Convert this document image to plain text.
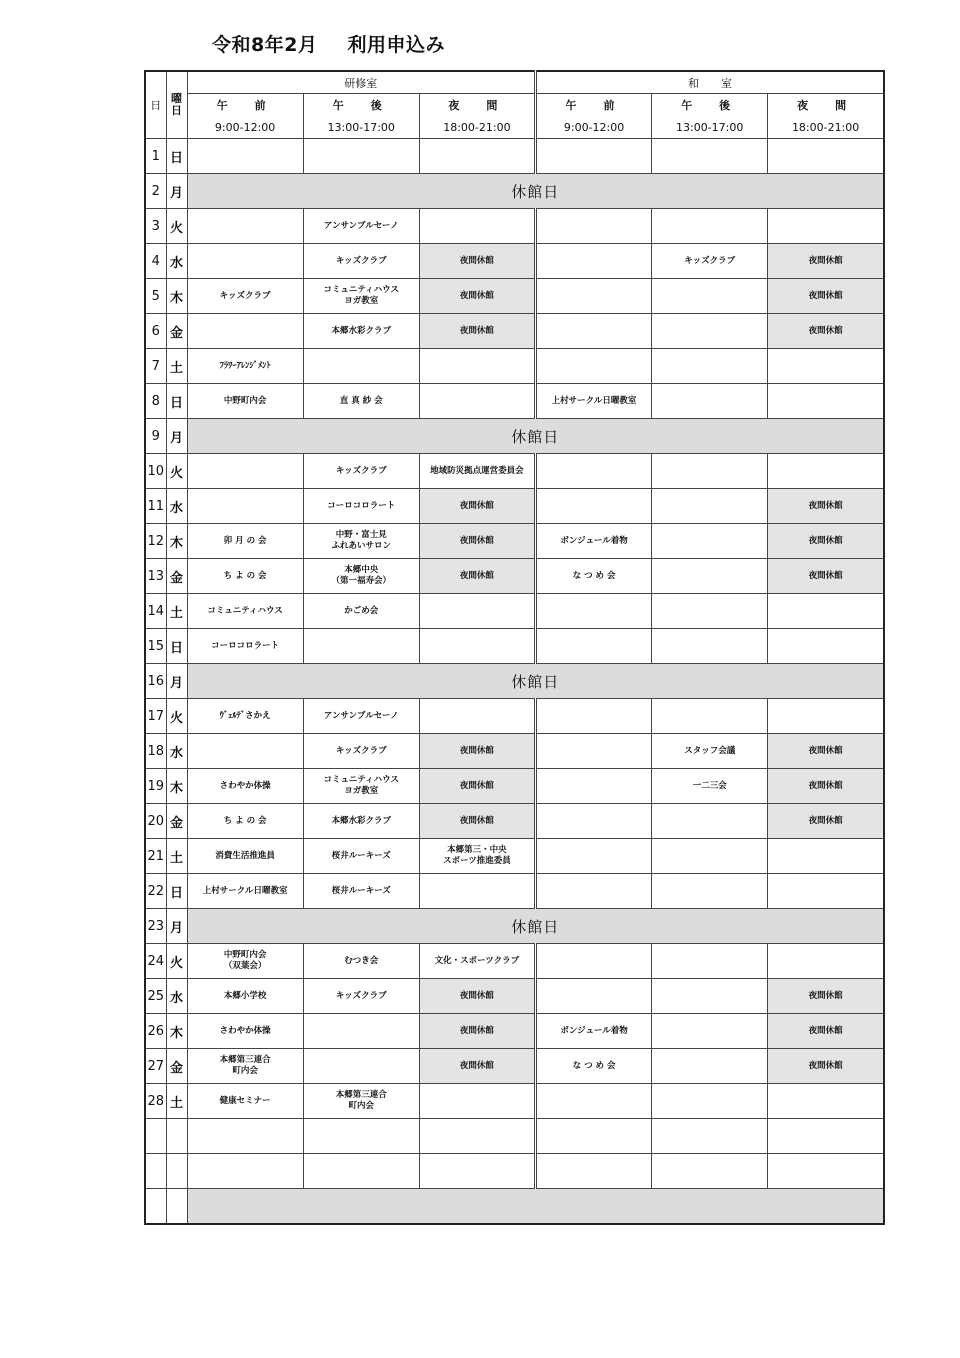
令和8年2月 利用申込み
日	曜日	研修室			和　　室		
		午　前	午　後	夜　間	午　前	午　後	夜　間
		9:00-12:00	13:00-17:00	18:00-21:00	9:00-12:00	13:00-17:00	18:00-21:00
1	日						
2	月	休館日					
3	火		アンサンブルセーノ				
4	水		キッズクラブ	夜間休館		キッズクラブ	夜間休館
5	木	キッズクラブ	コミュニティハウス
ヨガ教室	夜間休館			夜間休館
6	金		本郷水彩クラブ	夜間休館			夜間休館
7	土	ﾌﾗﾜｰｱﾚﾝｼﾞﾒﾝﾄ					
8	日	中野町内会	直 真 紗 会		上村サークル日曜教室		
9	月	休館日					
10	火		キッズクラブ	地域防災拠点運営委員会			
11	水		コーロコロラート	夜間休館			夜間休館
12	木	卯 月 の 会	中野・富士見
ふれあいサロン	夜間休館	ボンジュール着物		夜間休館
13	金	ち よ の 会	本郷中央
（第一福寿会）	夜間休館	な つ め 会		夜間休館
14	土	コミュニティハウス	かごめ会				
15	日	コーロコロラート					
16	月	休館日					
17	火	ｳﾞｪﾙﾃﾞさかえ	アンサンブルセーノ				
18	水		キッズクラブ	夜間休館		スタッフ会議	夜間休館
19	木	さわやか体操	コミュニティハウス
ヨガ教室	夜間休館		一二三会	夜間休館
20	金	ち よ の 会	本郷水彩クラブ	夜間休館			夜間休館
21	土	消費生活推進員	桜井ルーキーズ	本郷第三・中央
スポーツ推進委員			

22	日	上村サークル日曜教室	桜井ルーキーズ				
23	月	休館日					
24	火	中野町内会
（双葉会）	むつき会	文化・スポーツクラブ			
25	水	本郷小学校	キッズクラブ	夜間休館			夜間休館
26	木	さわやか体操		夜間休館	ボンジュール着物		夜間休館
27	金	本郷第三連合
町内会		夜間休館	な つ め 会		夜間休館
28	土	健康セミナー	本郷第三連合
町内会				
